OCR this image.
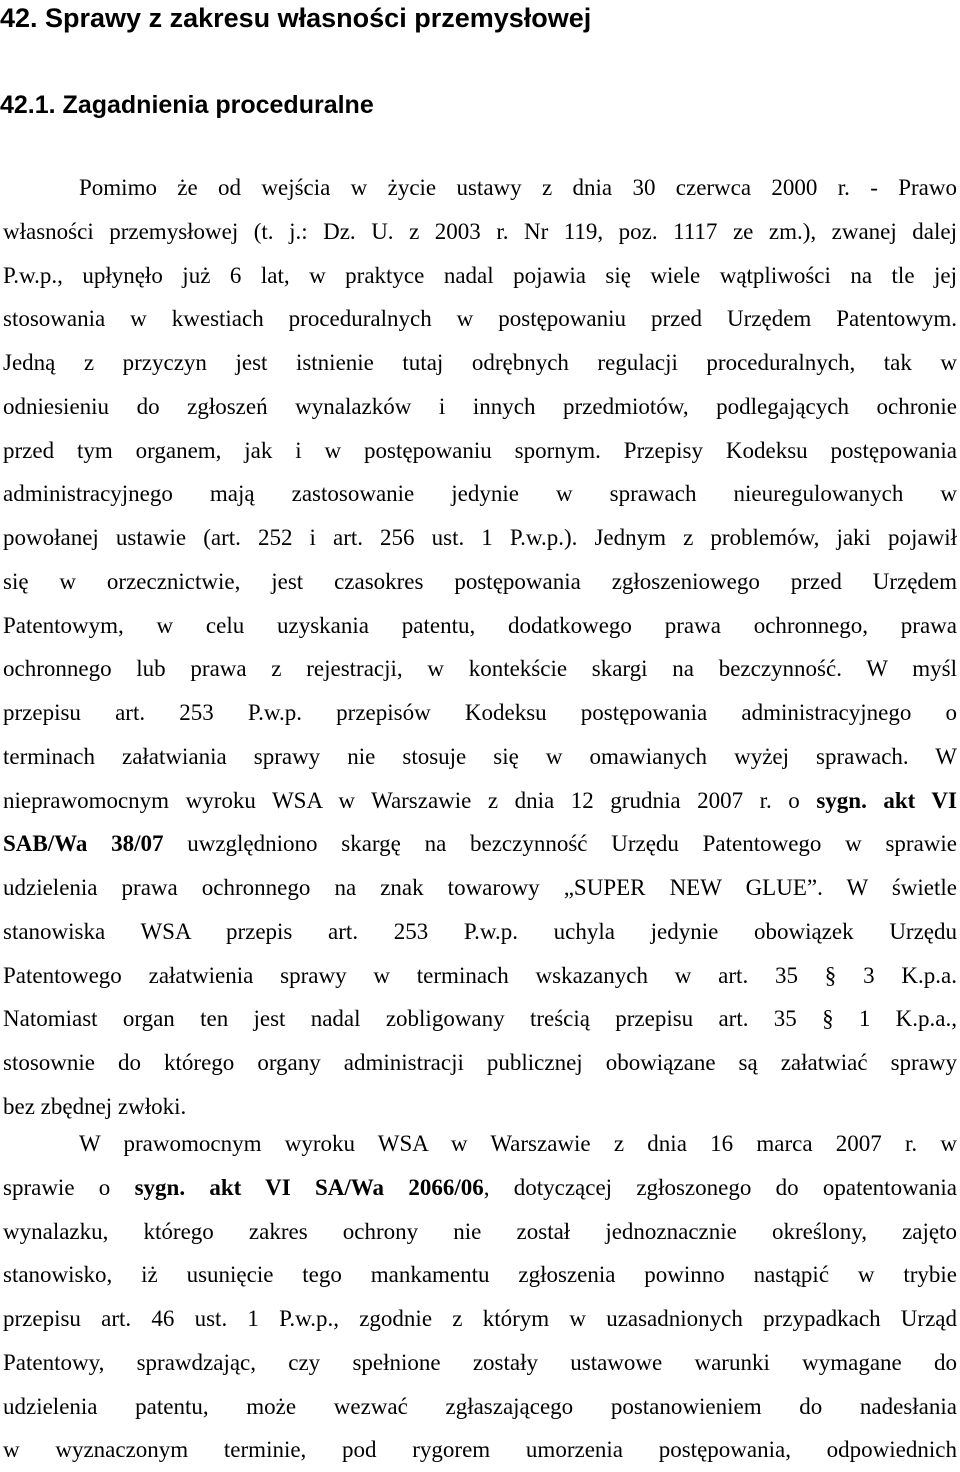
42. Sprawy z zakresu własności przemysłowej
42.1. Zagadnienia proceduralne
Pomimo że od wejścia w życie ustawy z dnia 30 czerwca 2000 r. - Prawo
własności przemysłowej (t. j.: Dz. U. z 2003 r. Nr 119, poz. 1117 ze zm.), zwanej dalej
P.w.p., upłynęło już 6 lat, w praktyce nadal pojawia się wiele wątpliwości na tle jej
stosowania w kwestiach proceduralnych w postępowaniu przed Urzędem Patentowym.
Jedną z przyczyn jest istnienie tutaj odrębnych regulacji proceduralnych, tak w
odniesieniu do zgłoszeń wynalazków i innych przedmiotów, podlegających ochronie
przed tym organem, jak i w postępowaniu spornym. Przepisy Kodeksu postępowania
administracyjnego mają zastosowanie jedynie w sprawach nieuregulowanych w
powołanej ustawie (art. 252 i art. 256 ust. 1 P.w.p.). Jednym z problemów, jaki pojawił
się w orzecznictwie, jest czasokres postępowania zgłoszeniowego przed Urzędem
Patentowym, w celu uzyskania patentu, dodatkowego prawa ochronnego, prawa
ochronnego lub prawa z rejestracji, w kontekście skargi na bezczynność. W myśl
przepisu art. 253 P.w.p. przepisów Kodeksu postępowania administracyjnego o
terminach załatwiania sprawy nie stosuje się w omawianych wyżej sprawach. W
nieprawomocnym wyroku WSA w Warszawie z dnia 12 grudnia 2007 r. o sygn. akt VI
SAB/Wa 38/07 uwzględniono skargę na bezczynność Urzędu Patentowego w sprawie
udzielenia prawa ochronnego na znak towarowy „SUPER NEW GLUE”. W świetle
stanowiska WSA przepis art. 253 P.w.p. uchyla jedynie obowiązek Urzędu
Patentowego załatwienia sprawy w terminach wskazanych w art. 35 § 3 K.p.a.
Natomiast organ ten jest nadal zobligowany treścią przepisu art. 35 § 1 K.p.a.,
stosownie do którego organy administracji publicznej obowiązane są załatwiać sprawy
bez zbędnej zwłoki.
W prawomocnym wyroku WSA w Warszawie z dnia 16 marca 2007 r. w
sprawie o sygn. akt VI SA/Wa 2066/06, dotyczącej zgłoszonego do opatentowania
wynalazku, którego zakres ochrony nie został jednoznacznie określony, zajęto
stanowisko, iż usunięcie tego mankamentu zgłoszenia powinno nastąpić w trybie
przepisu art. 46 ust. 1 P.w.p., zgodnie z którym w uzasadnionych przypadkach Urząd
Patentowy, sprawdzając, czy spełnione zostały ustawowe warunki wymagane do
udzielenia patentu, może wezwać zgłaszającego postanowieniem do nadesłania
w wyznaczonym terminie, pod rygorem umorzenia postępowania, odpowiednich
